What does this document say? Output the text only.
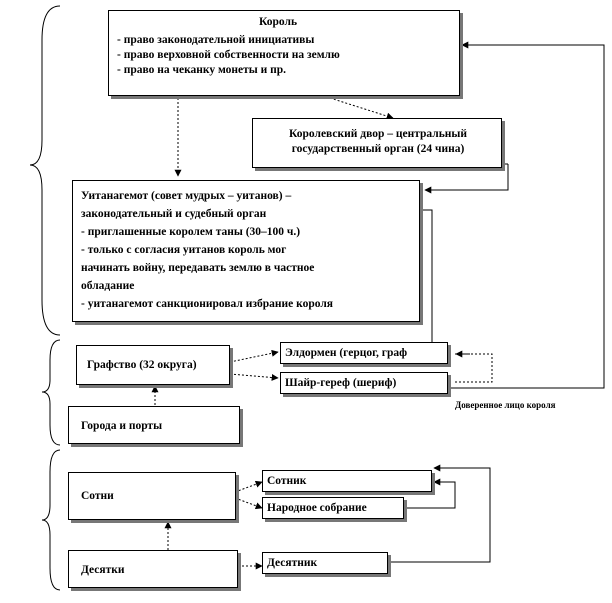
Король
- право законодательной инициативы
- право верховной собственности на землю
- право на чеканку монеты и пр.
Королевский двор – центральный
государственный орган (24 чина)
Уитанагемот (совет мудрых – уитанов) –
законодательный и судебный орган
- приглашенные королем таны (30–100 ч.)
- только с согласия уитанов король мог
начинать войну, передавать землю в частное
обладание
- уитанагемот санкционировал избрание короля
Графство (32 округа)
Элдормен (герцог, граф
Шайр-гереф (шериф)
Доверенное лицо короля
Города и порты
Сотни
Сотник
Народное собрание
Десятки
Десятник
